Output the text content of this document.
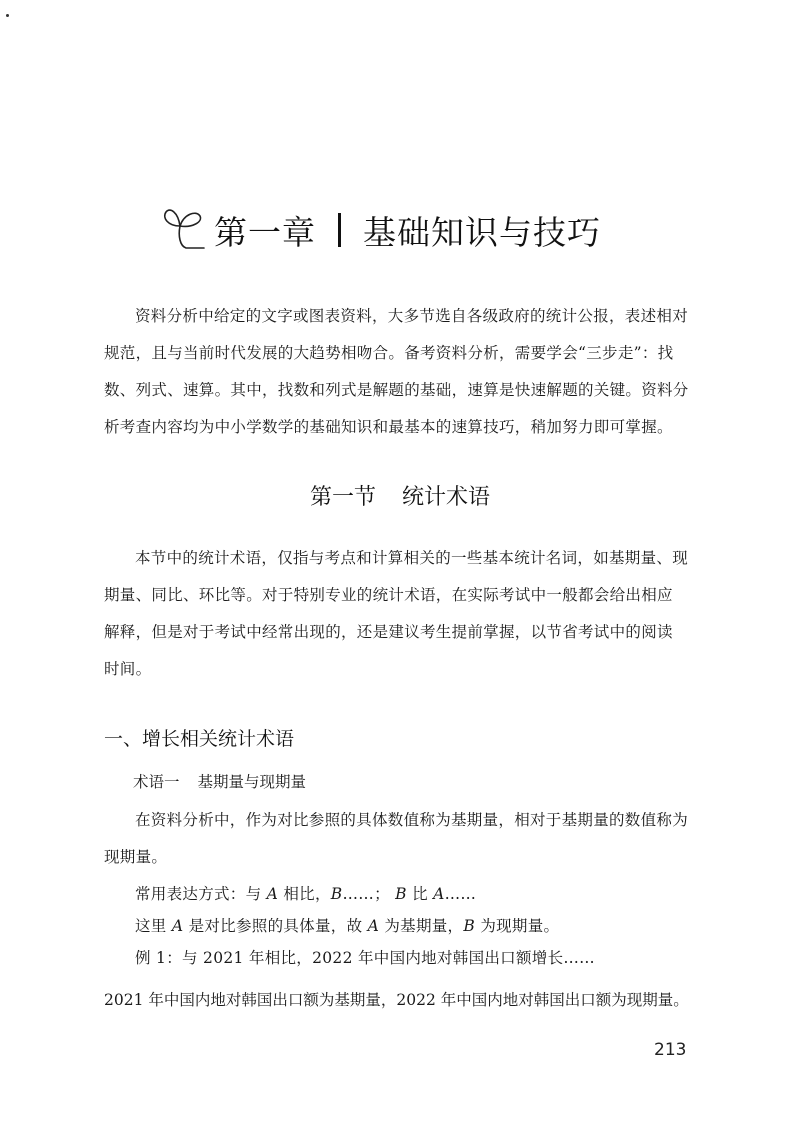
第一章 基础知识与技巧
资料分析中给定的文字或图表资料，大多节选自各级政府的统计公报，表述相对
规范，且与当前时代发展的大趋势相吻合。备考资料分析，需要学会“三步走”：找
数、列式、速算。其中，找数和列式是解题的基础，速算是快速解题的关键。资料分
析考查内容均为中小学数学的基础知识和最基本的速算技巧，稍加努力即可掌握。
第一节 统计术语
本节中的统计术语，仅指与考点和计算相关的一些基本统计名词，如基期量、现
期量、同比、环比等。对于特别专业的统计术语，在实际考试中一般都会给出相应
解释，但是对于考试中经常出现的，还是建议考生提前掌握，以节省考试中的阅读
时间。
一、增长相关统计术语
术语一 基期量与现期量
在资料分析中，作为对比参照的具体数值称为基期量，相对于基期量的数值称为
现期量。
常用表达方式：与 A 相比，B……； B 比 A……
这里 A 是对比参照的具体量，故 A 为基期量，B 为现期量。
例 1：与 2021 年相比，2022 年中国内地对韩国出口额增长……
2021 年中国内地对韩国出口额为基期量，2022 年中国内地对韩国出口额为现期量。
213
